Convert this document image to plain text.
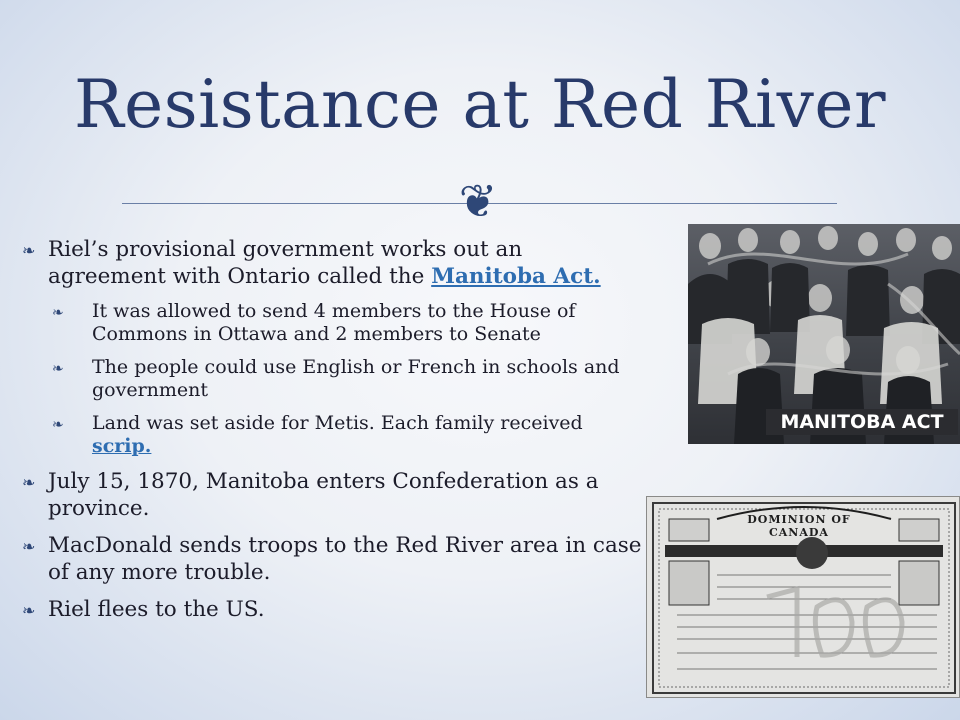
Resistance at Red River
❦
❧ Riel’s provisional government works out an agreement with Ontario called the Manitoba Act.
❧ It was allowed to send 4 members to the House of Commons in Ottawa and 2 members to Senate
❧ The people could use English or French in schools and government
❧ Land was set aside for Metis. Each family received scrip.
❧ July 15, 1870, Manitoba enters Confederation as a province.
❧ MacDonald sends troops to the Red River area in case of any more trouble.
❧ Riel flees to the US.
MANITOBA ACT
DOMINION OF CANADA
